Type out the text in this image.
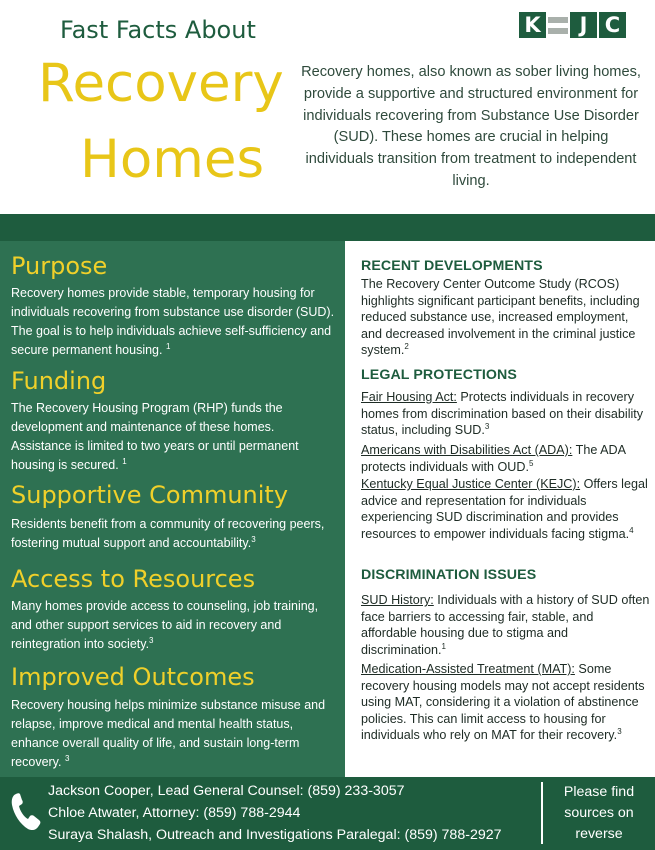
Fast Facts About
Recovery
Homes
Recovery homes, also known as sober living homes, provide a supportive and structured environment for individuals recovering from Substance Use Disorder (SUD). These homes are crucial in helping individuals transition from treatment to independent living.
K	J C
Purpose
Recovery homes provide stable, temporary housing for individuals recovering from substance use disorder (SUD). The goal is to help individuals achieve self-sufficiency and secure permanent housing. $^1$
Funding
The Recovery Housing Program (RHP) funds the development and maintenance of these homes. Assistance is limited to two years or until permanent housing is secured. $^1$
Supportive Community
Residents benefit from a community of recovering peers, fostering mutual support and accountability.$^3$
Access to Resources
Many homes provide access to counseling, job training, and other support services to aid in recovery and reintegration into society.$^3$
Improved Outcomes
Recovery housing helps minimize substance misuse and relapse, improve medical and mental health status, enhance overall quality of life, and sustain long-term recovery. $^3$
RECENT DEVELOPMENTS
The Recovery Center Outcome Study (RCOS) highlights significant participant benefits, including reduced substance use, increased employment, and decreased involvement in the criminal justice system.$^2$
LEGAL PROTECTIONS
Fair Housing Act: Protects individuals in recovery homes from discrimination based on their disability status, including SUD.$^3$
Americans with Disabilities Act (ADA): The ADA protects individuals with OUD.$^5$
Kentucky Equal Justice Center (KEJC): Offers legal advice and representation for individuals experiencing SUD discrimination and provides resources to empower individuals facing stigma.$^4$
DISCRIMINATION ISSUES
SUD History: Individuals with a history of SUD often face barriers to accessing fair, stable, and affordable housing due to stigma and discrimination.$^1$
Medication-Assisted Treatment (MAT): Some recovery housing models may not accept residents using MAT, considering it a violation of abstinence policies. This can limit access to housing for individuals who rely on MAT for their recovery.$^3$
Jackson Cooper, Lead General Counsel: (859) 233-3057
Chloe Atwater, Attorney: (859) 788-2944
Suraya Shalash, Outreach and Investigations Paralegal: (859) 788-2927
Please find sources on reverse
